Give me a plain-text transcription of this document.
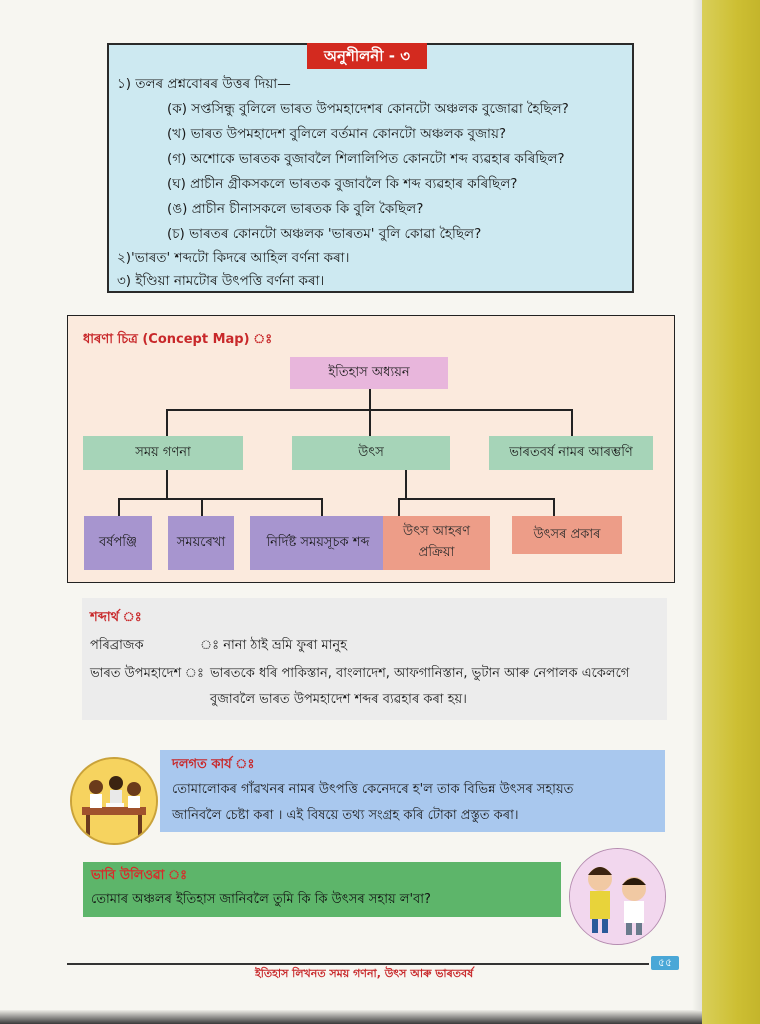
অনুশীলনী - ৩
১) তলৰ প্ৰশ্নবোৰৰ উত্তৰ দিয়া—
(ক) সপ্তসিন্ধু বুলিলে ভাৰত উপমহাদেশৰ কোনটো অঞ্চলক বুজোৱা হৈছিল?
(খ) ভাৰত উপমহাদেশ বুলিলে বৰ্তমান কোনটো অঞ্চলক বুজায়?
(গ) অশোকে ভাৰতক বুজাবলৈ শিলালিপিত কোনটো শব্দ ব্যৱহাৰ কৰিছিল?
(ঘ) প্ৰাচীন গ্ৰীকসকলে ভাৰতক বুজাবলৈ কি শব্দ ব্যৱহাৰ কৰিছিল?
(ঙ) প্ৰাচীন চীনাসকলে ভাৰতক কি বুলি কৈছিল?
(চ) ভাৰতৰ কোনটো অঞ্চলক 'ভাৰতম' বুলি কোৱা হৈছিল?
২)'ভাৰত' শব্দটো কিদৰে আহিল বৰ্ণনা কৰা।
৩) ইণ্ডিয়া নামটোৰ উৎপত্তি বৰ্ণনা কৰা।
ধাৰণা চিত্ৰ (Concept Map) ঃ
ইতিহাস অধ্যয়ন
সময় গণনা	উৎস	ভাৰতবৰ্ষ নামৰ আৰম্ভণি
বৰ্ষপঞ্জি	সময়ৰেখা	নিৰ্দিষ্ট সময়সূচক শব্দ
উৎস আহৰণ প্ৰক্ৰিয়া
উৎসৰ প্ৰকাৰ
শব্দাৰ্থ ঃ
পৰিব্ৰাজক	ঃ নানা ঠাই ভ্ৰমি ফুৰা মানুহ
ভাৰত উপমহাদেশ ঃ ভাৰতকে ধৰি পাকিস্তান, বাংলাদেশ, আফগানিস্তান, ভুটান আৰু নেপালক একেলগে
বুজাবলৈ ভাৰত উপমহাদেশ শব্দৰ ব্যৱহাৰ কৰা হয়।
দলগত কাৰ্য ঃ
তোমালোকৰ গাঁৱখনৰ নামৰ উৎপত্তি কেনেদৰে হ'ল তাক বিভিন্ন উৎসৰ সহায়ত
জানিবলৈ চেষ্টা কৰা । এই বিষয়ে তথ্য সংগ্ৰহ কৰি টোকা প্ৰস্তুত কৰা।
ভাবি উলিওৱা ঃ
তোমাৰ অঞ্চলৰ ইতিহাস জানিবলৈ তুমি কি কি উৎসৰ সহায় ল'বা?
৫৫
ইতিহাস লিখনত সময় গণনা, উৎস আৰু ভাৰতবৰ্ষ
